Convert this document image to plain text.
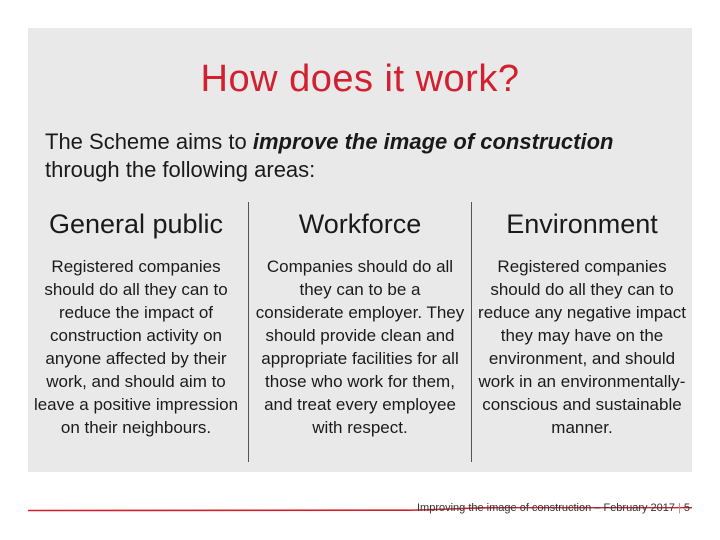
How does it work?
The Scheme aims to improve the image of construction through the following areas:
General public
Registered companies should do all they can to reduce the impact of construction activity on anyone affected by their work, and should aim to leave a positive impression on their neighbours.
Workforce
Companies should do all they can to be a considerate employer. They should provide clean and appropriate facilities for all those who work for them, and treat every employee with respect.
Environment
Registered companies should do all they can to reduce any negative impact they may have on the environment, and should work in an environmentally-conscious and sustainable manner.
Improving the image of construction – February 2017 | 5
